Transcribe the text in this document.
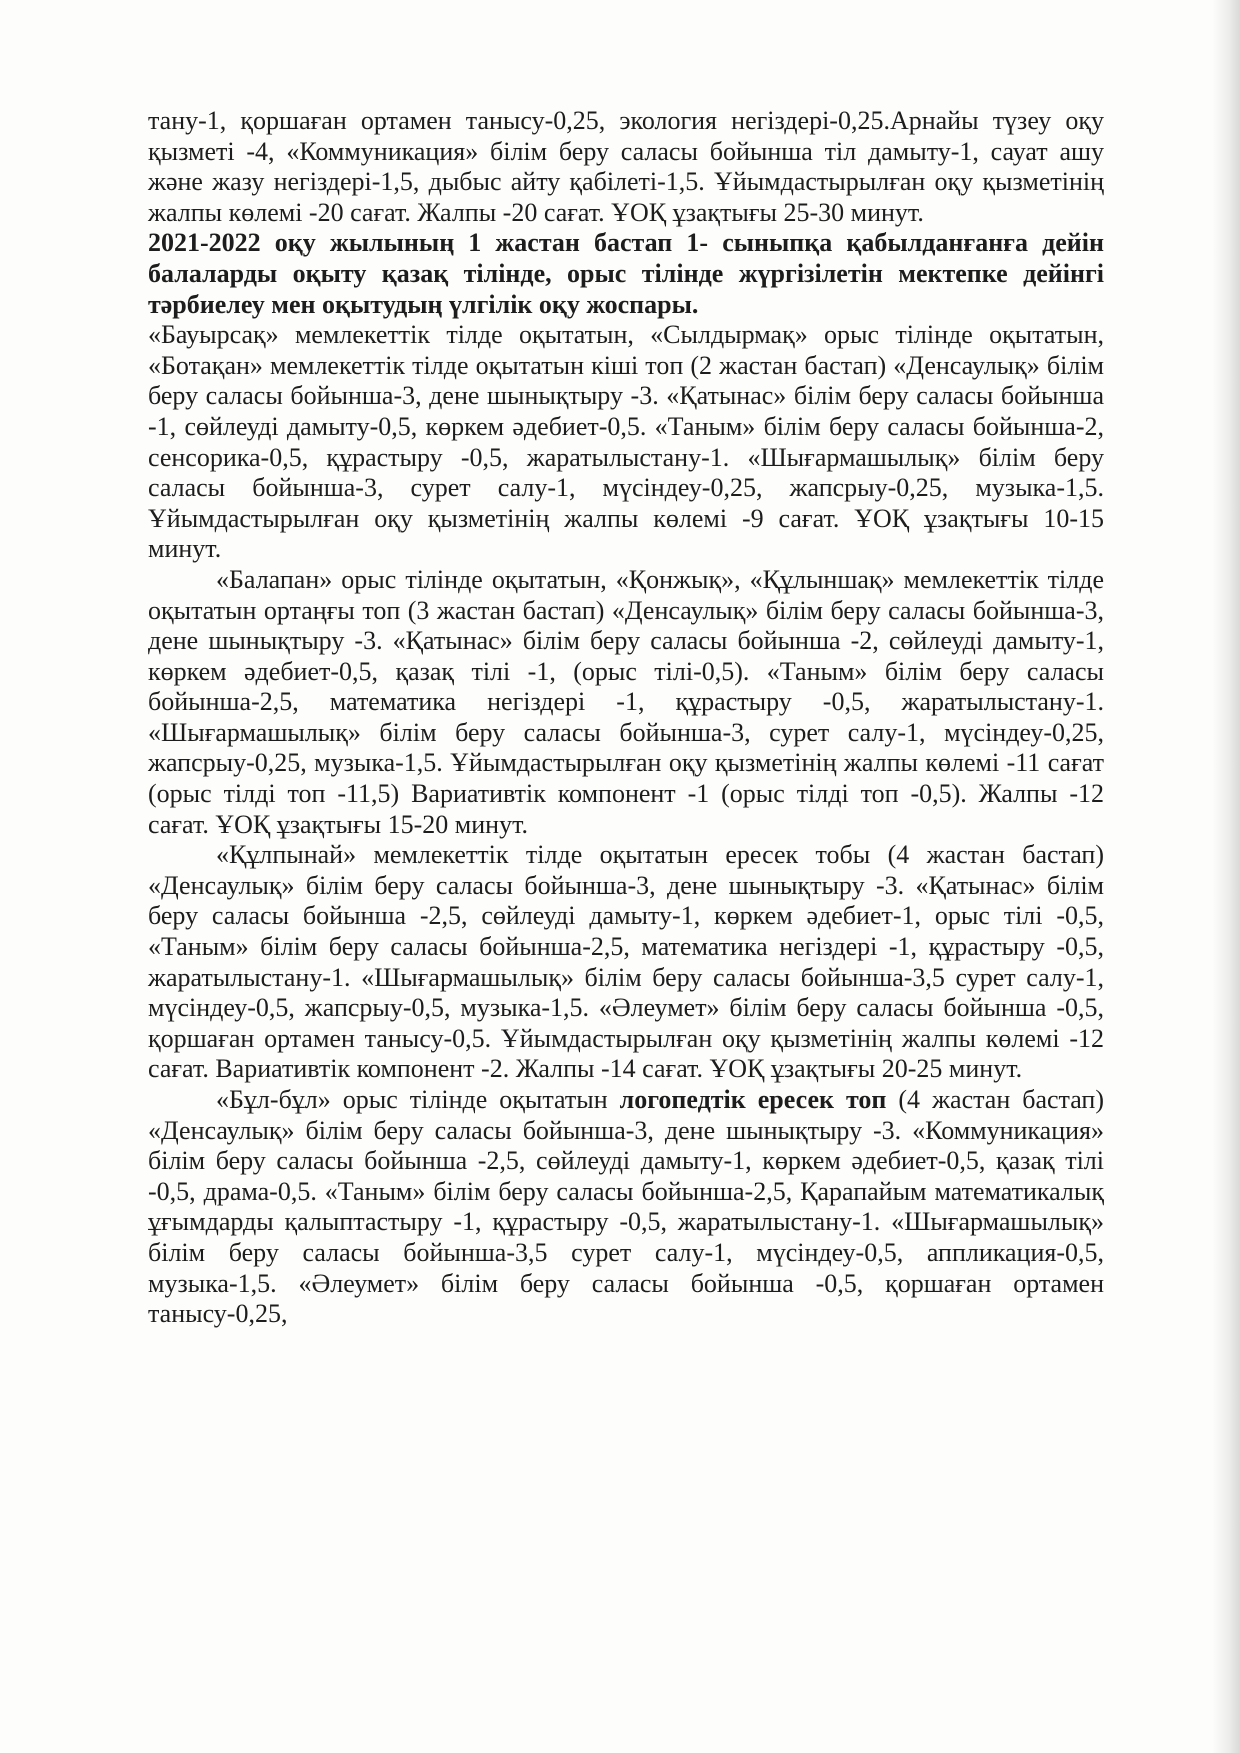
тану-1, қоршаған ортамен танысу-0,25, экология негіздері-0,25.Арнайы түзеу оқу қызметі -4, «Коммуникация» білім беру саласы бойынша тіл дамыту-1, сауат ашу және жазу негіздері-1,5, дыбыс айту қабілеті-1,5. Ұйымдастырылған оқу қызметінің жалпы көлемі -20 сағат. Жалпы -20 сағат. ҰОҚ ұзақтығы 25-30 минут.

2021-2022 оқу жылының 1 жастан бастап 1- сыныпқа қабылданғанға дейін балаларды оқыту қазақ тілінде, орыс тілінде жүргізілетін мектепке дейінгі тәрбиелеу мен оқытудың үлгілік оқу жоспары.

«Бауырсақ» мемлекеттік тілде оқытатын, «Сылдырмақ» орыс тілінде оқытатын, «Ботақан» мемлекеттік тілде оқытатын кіші топ (2 жастан бастап) «Денсаулық» білім беру саласы бойынша-3, дене шынықтыру -3. «Қатынас» білім беру саласы бойынша -1, сөйлеуді дамыту-0,5, көркем әдебиет-0,5. «Таным» білім беру саласы бойынша-2, сенсорика-0,5, құрастыру -0,5, жаратылыстану-1. «Шығармашылық» білім беру саласы бойынша-3, сурет салу-1, мүсіндеу-0,25, жапсрыу-0,25, музыка-1,5. Ұйымдастырылған оқу қызметінің жалпы көлемі -9 сағат. ҰОҚ ұзақтығы 10-15 минут.

«Балапан» орыс тілінде оқытатын, «Қонжық», «Құлыншақ» мемлекеттік тілде оқытатын ортаңғы топ (3 жастан бастап) «Денсаулық» білім беру саласы бойынша-3, дене шынықтыру -3. «Қатынас» білім беру саласы бойынша -2, сөйлеуді дамыту-1, көркем әдебиет-0,5, қазақ тілі -1, (орыс тілі-0,5). «Таным» білім беру саласы бойынша-2,5, математика негіздері -1, құрастыру -0,5, жаратылыстану-1. «Шығармашылық» білім беру саласы бойынша-3, сурет салу-1, мүсіндеу-0,25, жапсрыу-0,25, музыка-1,5. Ұйымдастырылған оқу қызметінің жалпы көлемі -11 сағат (орыс тілді топ -11,5) Вариативтік компонент -1 (орыс тілді топ -0,5). Жалпы -12 сағат. ҰОҚ ұзақтығы 15-20 минут.

«Құлпынай» мемлекеттік тілде оқытатын ересек тобы (4 жастан бастап) «Денсаулық» білім беру саласы бойынша-3, дене шынықтыру -3. «Қатынас» білім беру саласы бойынша -2,5, сөйлеуді дамыту-1, көркем әдебиет-1, орыс тілі -0,5, «Таным» білім беру саласы бойынша-2,5, математика негіздері -1, құрастыру -0,5, жаратылыстану-1. «Шығармашылық» білім беру саласы бойынша-3,5 сурет салу-1, мүсіндеу-0,5, жапсрыу-0,5, музыка-1,5. «Әлеумет» білім беру саласы бойынша -0,5, қоршаған ортамен танысу-0,5. Ұйымдастырылған оқу қызметінің жалпы көлемі -12 сағат. Вариативтік компонент -2. Жалпы -14 сағат. ҰОҚ ұзақтығы 20-25 минут.

«Бұл-бұл» орыс тілінде оқытатын логопедтік ересек топ (4 жастан бастап) «Денсаулық» білім беру саласы бойынша-3, дене шынықтыру -3. «Коммуникация» білім беру саласы бойынша -2,5, сөйлеуді дамыту-1, көркем әдебиет-0,5, қазақ тілі -0,5, драма-0,5. «Таным» білім беру саласы бойынша-2,5, Қарапайым математикалық ұғымдарды қалыптастыру -1, құрастыру -0,5, жаратылыстану-1. «Шығармашылық» білім беру саласы бойынша-3,5 сурет салу-1, мүсіндеу-0,5, аппликация-0,5, музыка-1,5. «Әлеумет» білім беру саласы бойынша -0,5, қоршаған ортамен танысу-0,25,
